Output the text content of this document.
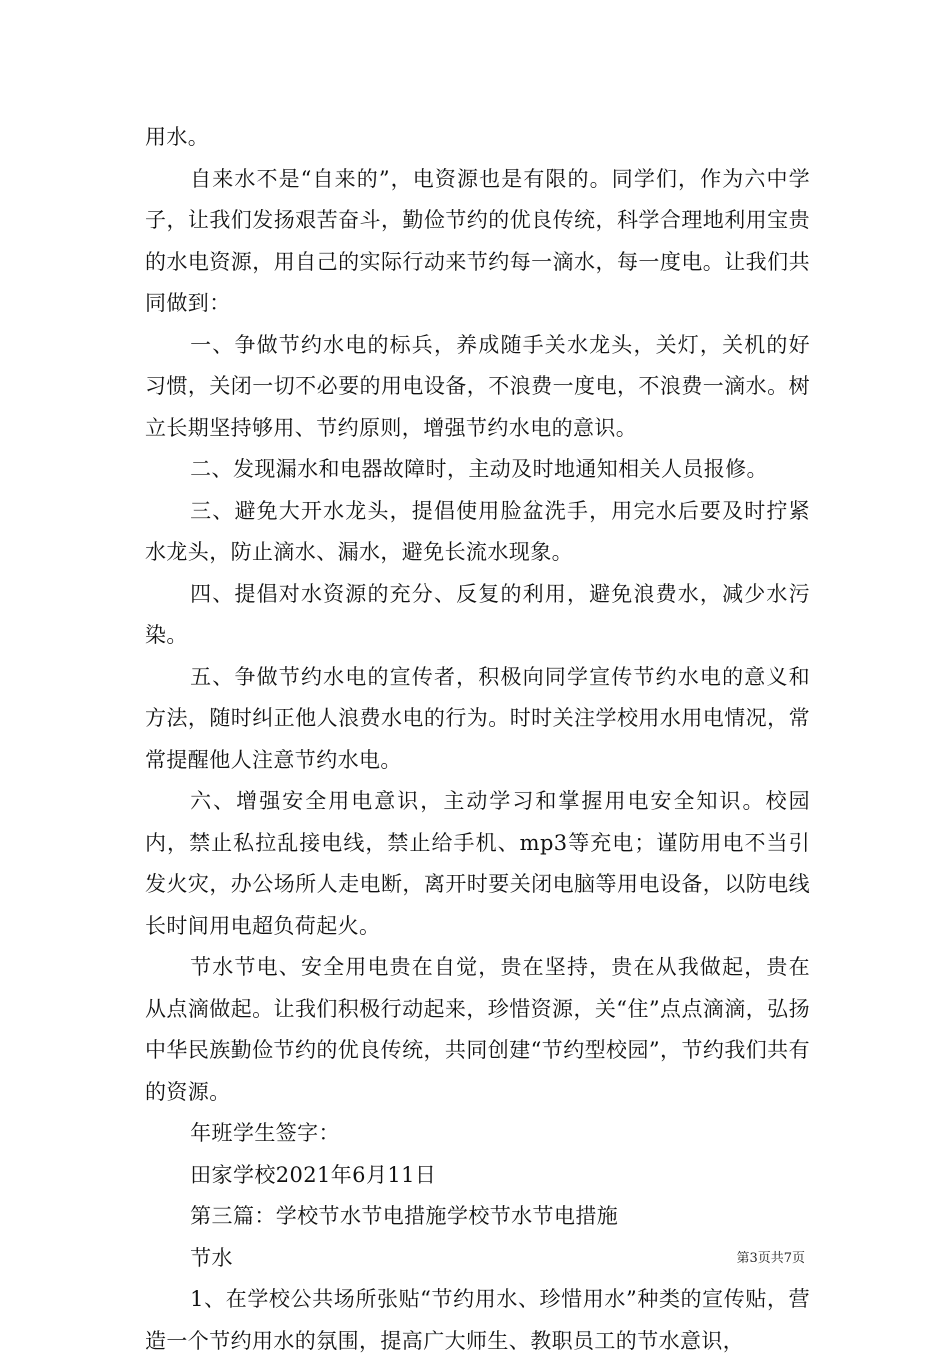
用水。

自来水不是“自来的”，电资源也是有限的。同学们，作为六中学子，让我们发扬艰苦奋斗，勤俭节约的优良传统，科学合理地利用宝贵的水电资源，用自己的实际行动来节约每一滴水，每一度电。让我们共同做到：

一、争做节约水电的标兵，养成随手关水龙头，关灯，关机的好习惯，关闭一切不必要的用电设备，不浪费一度电，不浪费一滴水。树立长期坚持够用、节约原则，增强节约水电的意识。

二、发现漏水和电器故障时，主动及时地通知相关人员报修。

三、避免大开水龙头，提倡使用脸盆洗手，用完水后要及时拧紧水龙头，防止滴水、漏水，避免长流水现象。

四、提倡对水资源的充分、反复的利用，避免浪费水，减少水污染。

五、争做节约水电的宣传者，积极向同学宣传节约水电的意义和方法，随时纠正他人浪费水电的行为。时时关注学校用水用电情况，常常提醒他人注意节约水电。

六、增强安全用电意识，主动学习和掌握用电安全知识。校园内，禁止私拉乱接电线，禁止给手机、mp3等充电；谨防用电不当引发火灾，办公场所人走电断，离开时要关闭电脑等用电设备，以防电线长时间用电超负荷起火。

节水节电、安全用电贵在自觉，贵在坚持，贵在从我做起，贵在从点滴做起。让我们积极行动起来，珍惜资源，关“住”点点滴滴，弘扬中华民族勤俭节约的优良传统，共同创建“节约型校园”，节约我们共有的资源。

年班学生签字：

田家学校2021年6月11日

第三篇：学校节水节电措施学校节水节电措施

节水

1、在学校公共场所张贴“节约用水、珍惜用水”种类的宣传贴，营造一个节约用水的氛围，提高广大师生、教职员工的节水意识，

第3页共7页
